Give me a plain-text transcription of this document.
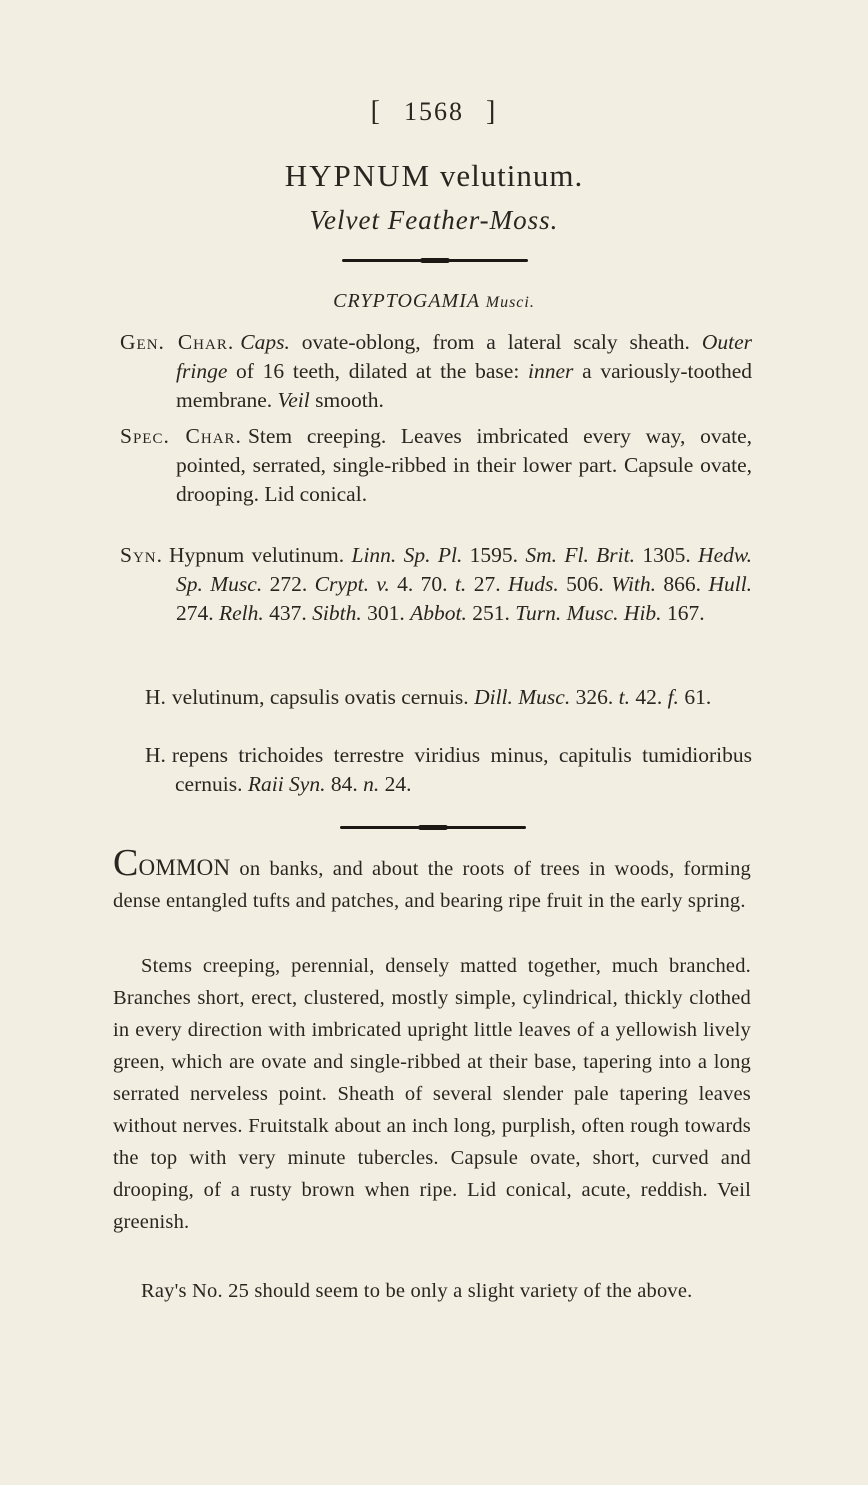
[ 1568 ]
HYPNUM velutinum.
Velvet Feather-Moss.
CRYPTOGAMIA Musci.
Gen. Char. Caps. ovate-oblong, from a lateral scaly sheath. Outer fringe of 16 teeth, dilated at the base: inner a variously-toothed membrane. Veil smooth.
Spec. Char. Stem creeping. Leaves imbricated every way, ovate, pointed, serrated, single-ribbed in their lower part. Capsule ovate, drooping. Lid conical.
Syn. Hypnum velutinum. Linn. Sp. Pl. 1595. Sm. Fl. Brit. 1305. Hedw. Sp. Musc. 272. Crypt. v. 4. 70. t. 27. Huds. 506. With. 866. Hull. 274. Relh. 437. Sibth. 301. Abbot. 251. Turn. Musc. Hib. 167.
H. velutinum, capsulis ovatis cernuis. Dill. Musc. 326. t. 42. f. 61.
H. repens trichoides terrestre viridius minus, capitulis tumidioribus cernuis. Raii Syn. 84. n. 24.
COMMON on banks, and about the roots of trees in woods, forming dense entangled tufts and patches, and bearing ripe fruit in the early spring.
Stems creeping, perennial, densely matted together, much branched. Branches short, erect, clustered, mostly simple, cylindrical, thickly clothed in every direction with imbricated upright little leaves of a yellowish lively green, which are ovate and single-ribbed at their base, tapering into a long serrated nerveless point. Sheath of several slender pale tapering leaves without nerves. Fruitstalk about an inch long, purplish, often rough towards the top with very minute tubercles. Capsule ovate, short, curved and drooping, of a rusty brown when ripe. Lid conical, acute, reddish. Veil greenish.
Ray's No. 25 should seem to be only a slight variety of the above.
